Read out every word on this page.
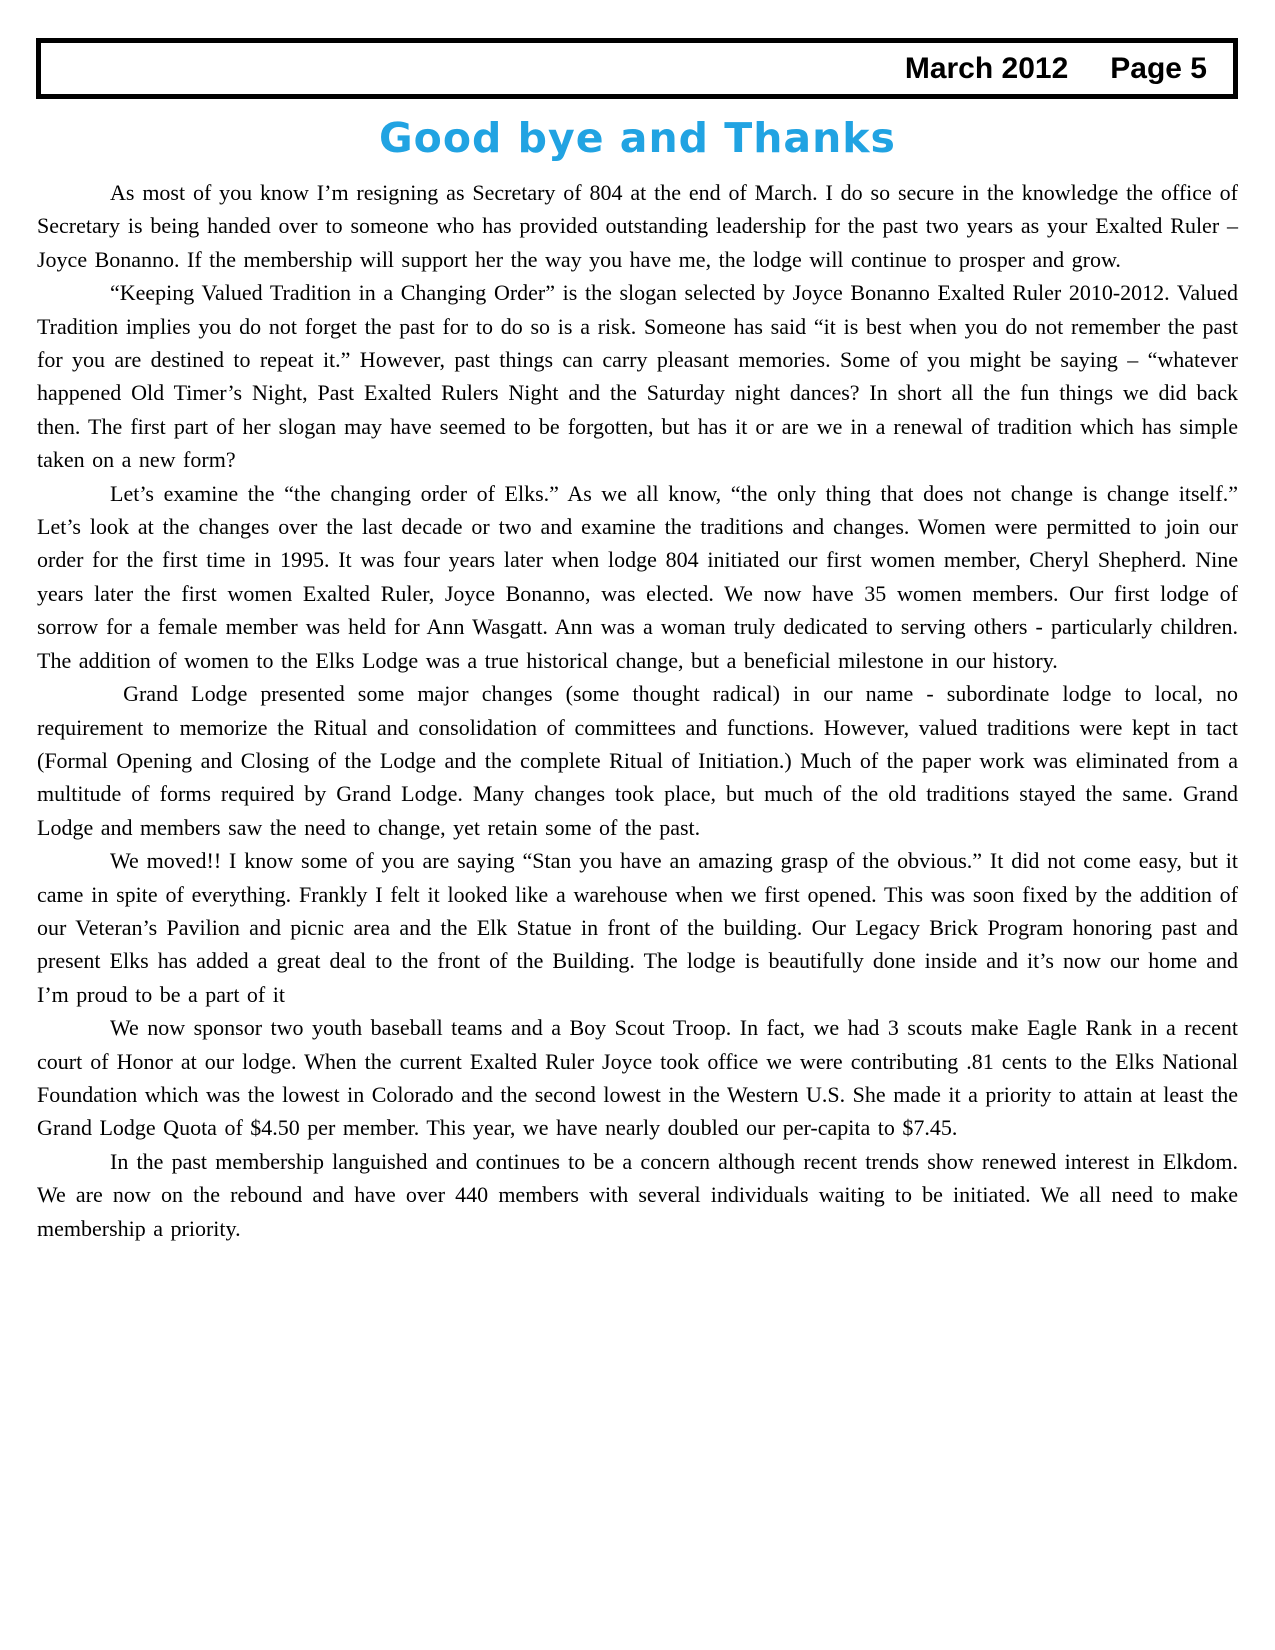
March 2012 Page 5
Good bye and Thanks

As most of you know I’m resigning as Secretary of 804 at the end of March. I do so secure in the knowledge the office of Secretary is being handed over to someone who has provided outstanding leadership for the past two years as your Exalted Ruler – Joyce Bonanno. If the membership will support her the way you have me, the lodge will continue to prosper and grow.

“Keeping Valued Tradition in a Changing Order” is the slogan selected by Joyce Bonanno Exalted Ruler 2010-2012. Valued Tradition implies you do not forget the past for to do so is a risk. Someone has said “it is best when you do not remember the past for you are destined to repeat it.” However, past things can carry pleasant memories. Some of you might be saying – “whatever happened Old Timer’s Night, Past Exalted Rulers Night and the Saturday night dances? In short all the fun things we did back then. The first part of her slogan may have seemed to be forgotten, but has it or are we in a renewal of tradition which has simple taken on a new form?

Let’s examine the “the changing order of Elks.” As we all know, “the only thing that does not change is change itself.” Let’s look at the changes over the last decade or two and examine the traditions and changes. Women were permitted to join our order for the first time in 1995. It was four years later when lodge 804 initiated our first women member, Cheryl Shepherd. Nine years later the first women Exalted Ruler, Joyce Bonanno, was elected. We now have 35 women members. Our first lodge of sorrow for a female member was held for Ann Wasgatt. Ann was a woman truly dedicated to serving others - particularly children. The addition of women to the Elks Lodge was a true historical change, but a beneficial milestone in our history.

Grand Lodge presented some major changes (some thought radical) in our name - subordinate lodge to local, no requirement to memorize the Ritual and consolidation of committees and functions. However, valued traditions were kept in tact (Formal Opening and Closing of the Lodge and the complete Ritual of Initiation.) Much of the paper work was eliminated from a multitude of forms required by Grand Lodge. Many changes took place, but much of the old traditions stayed the same. Grand Lodge and members saw the need to change, yet retain some of the past.

We moved!! I know some of you are saying “Stan you have an amazing grasp of the obvious.” It did not come easy, but it came in spite of everything. Frankly I felt it looked like a warehouse when we first opened. This was soon fixed by the addition of our Veteran’s Pavilion and picnic area and the Elk Statue in front of the building. Our Legacy Brick Program honoring past and present Elks has added a great deal to the front of the Building. The lodge is beautifully done inside and it’s now our home and I’m proud to be a part of it

We now sponsor two youth baseball teams and a Boy Scout Troop. In fact, we had 3 scouts make Eagle Rank in a recent court of Honor at our lodge. When the current Exalted Ruler Joyce took office we were contributing .81 cents to the Elks National Foundation which was the lowest in Colorado and the second lowest in the Western U.S. She made it a priority to attain at least the Grand Lodge Quota of $4.50 per member. This year, we have nearly doubled our per-capita to $7.45.

In the past membership languished and continues to be a concern although recent trends show renewed interest in Elkdom. We are now on the rebound and have over 440 members with several individuals waiting to be initiated. We all need to make membership a priority.
